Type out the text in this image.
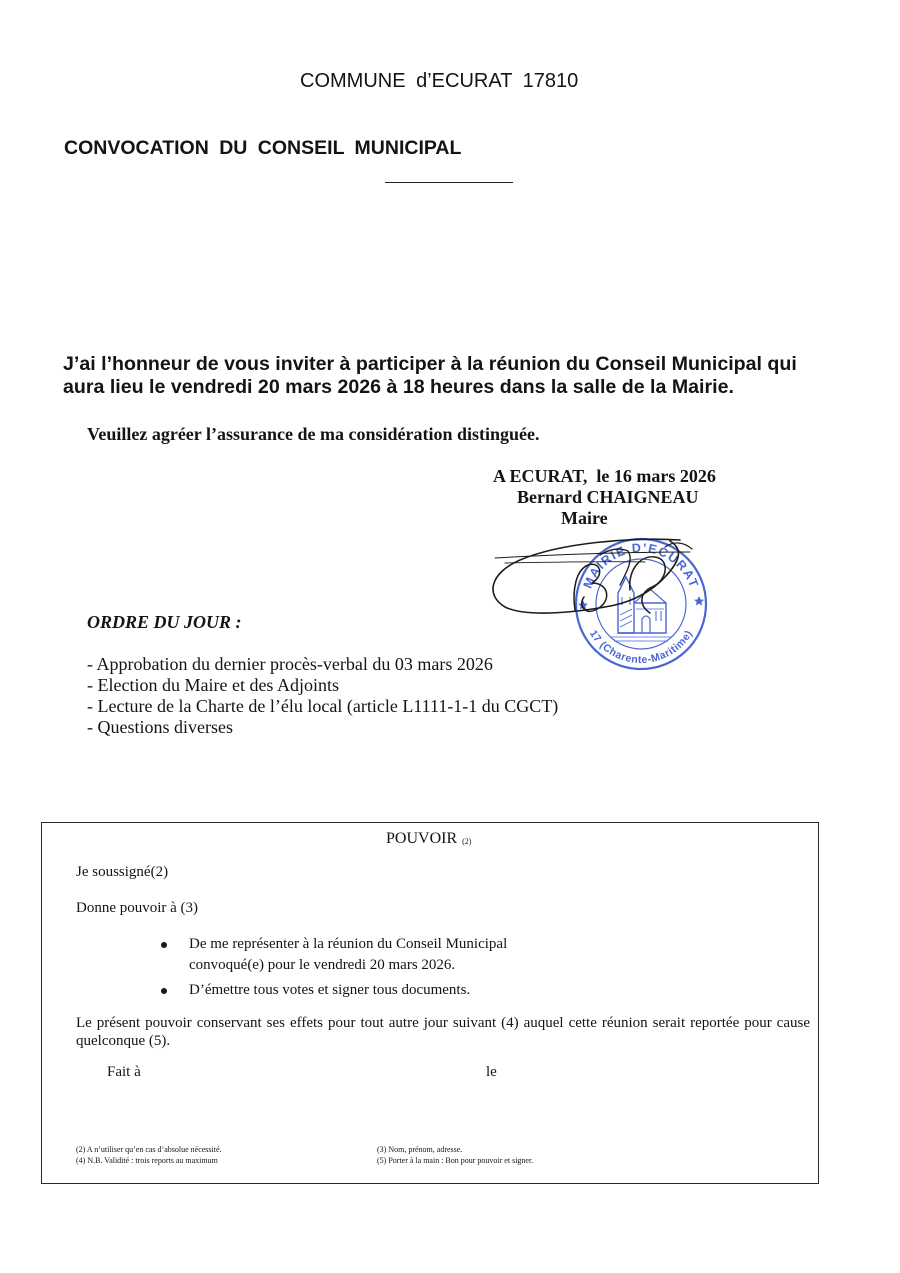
COMMUNE d’ECURAT 17810
CONVOCATION DU CONSEIL MUNICIPAL
J’ai l’honneur de vous inviter à participer à la réunion du Conseil Municipal qui
aura lieu le vendredi 20 mars 2026 à 18 heures dans la salle de la Mairie.
Veuillez agréer l’assurance de ma considération distinguée.
A ECURAT,  le 16 mars 2026
Bernard CHAIGNEAU
Maire
MAIRIE D’ECURAT
17 (Charente-Maritime)
ORDRE DU JOUR :
- Approbation du dernier procès-verbal du 03 mars 2026
- Election du Maire et des Adjoints
- Lecture de la Charte de l’élu local (article L1111-1-1 du CGCT)
- Questions diverses
POUVOIR (2)
Je soussigné(2)
Donne pouvoir à (3)
De me représenter à la réunion du Conseil Municipal convoqué(e) pour le vendredi 20 mars 2026.
D’émettre tous votes et signer tous documents.

Le présent pouvoir conservant ses effets pour tout autre jour suivant (4) auquel cette réunion serait reportée pour cause quelconque (5).

Fait à	le
(2) A n’utiliser qu’en cas d’absolue nécessité.
(4) N.B. Validité : trois reports au maximum
(3) Nom, prénom, adresse.
(5) Porter à la main : Bon pour pouvoir et signer.
